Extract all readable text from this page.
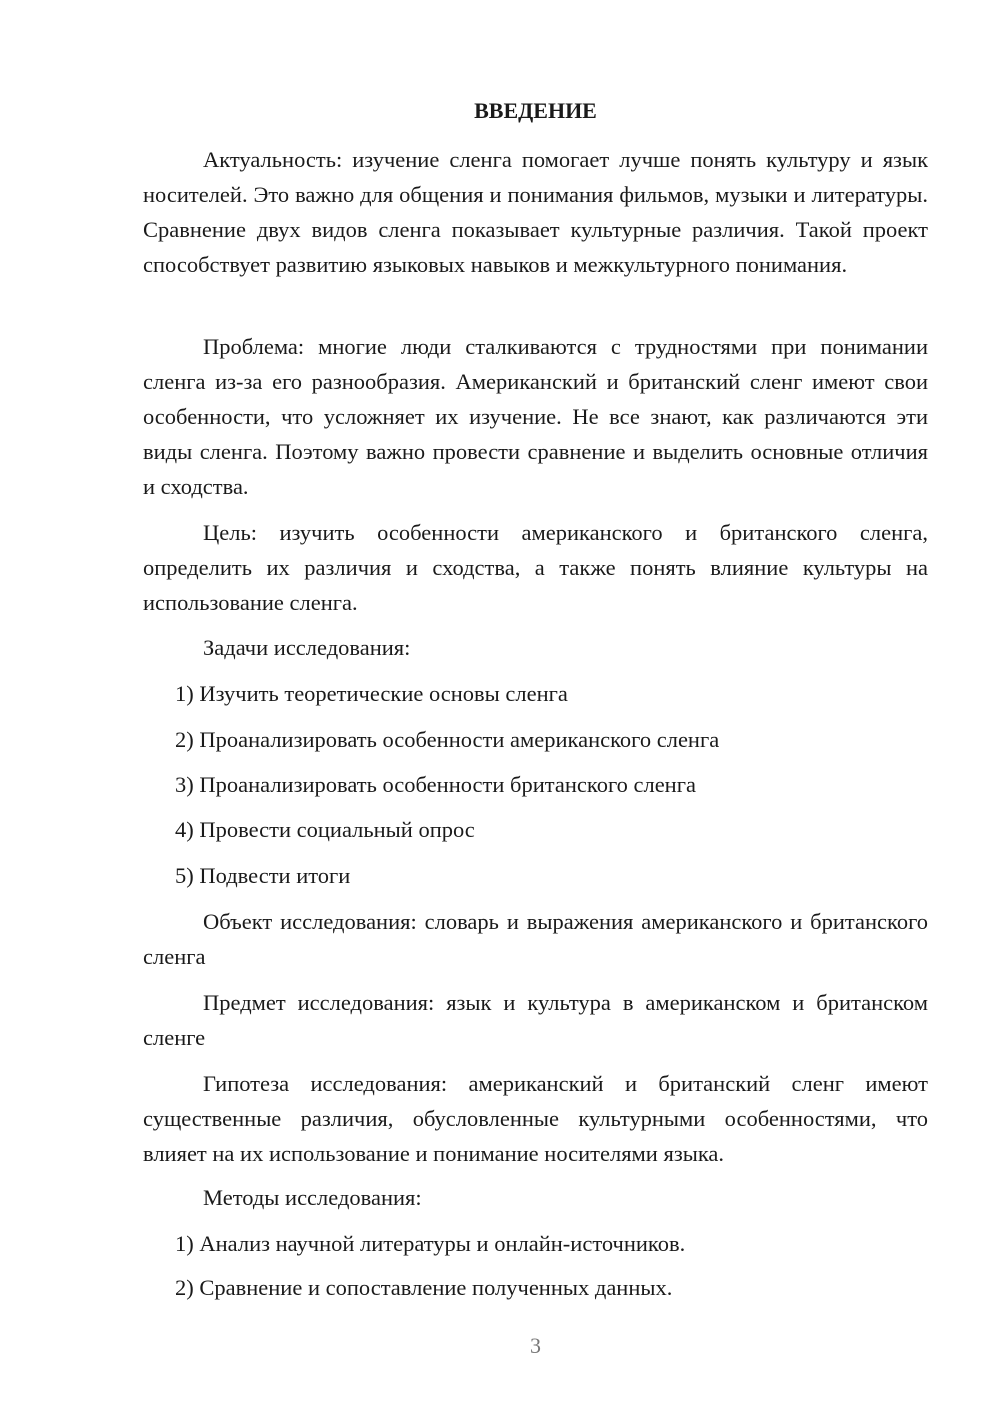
ВВЕДЕНИЕ

Актуальность: изучение сленга помогает лучше понять культуру и язык носителей. Это важно для общения и понимания фильмов, музыки и литературы. Сравнение двух видов сленга показывает культурные различия. Такой проект способствует развитию языковых навыков и межкультурного понимания.

Проблема: многие люди сталкиваются с трудностями при понимании сленга из-за его разнообразия. Американский и британский сленг имеют свои особенности, что усложняет их изучение. Не все знают, как различаются эти виды сленга. Поэтому важно провести сравнение и выделить основные отличия и сходства.

Цель: изучить особенности американского и британского сленга, определить их различия и сходства, а также понять влияние культуры на использование сленга.

Задачи исследования:
1) Изучить теоретические основы сленга
2) Проанализировать особенности американского сленга
3) Проанализировать особенности британского сленга
4) Провести социальный опрос
5) Подвести итоги

Объект исследования: словарь и выражения американского и британского сленга

Предмет исследования: язык и культура в американском и британском сленге

Гипотеза исследования: американский и британский сленг имеют существенные различия, обусловленные культурными особенностями, что влияет на их использование и понимание носителями языка.

Методы исследования:
1) Анализ научной литературы и онлайн-источников.
2) Сравнение и сопоставление полученных данных.
3
